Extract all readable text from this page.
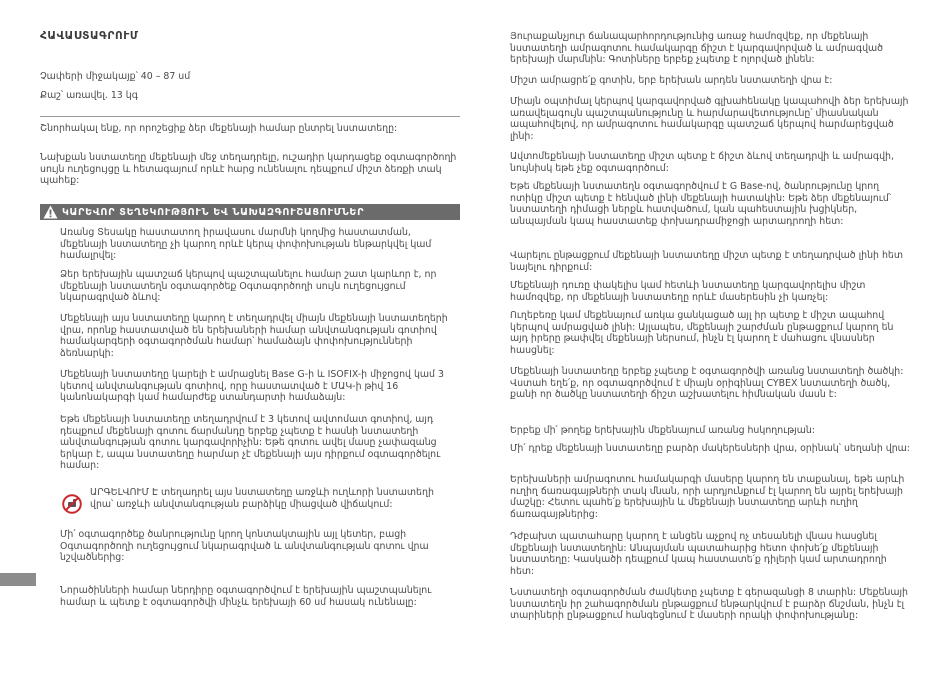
ՀԱՎԱՍՏԱԳՐՈՒՄ

Չափերի միջակայք՝ 40 – 87 սմ

Քաշ՝ առավել. 13 կգ

Շնորհակալ ենք, որ որոշեցիք ձեր մեքենայի համար ընտրել նստատեղը:

Նախքան նստատեղը մեքենայի մեջ տեղադրելը, ուշադիր կարդացեք օգտագործողի սույն ուղեցույցը և հետագայում որևէ հարց ունենալու դեպքում միշտ ձեռքի տակ պահեք:

ԿԱՐԵՎՈՐ ՏԵՂԵԿՈՒԹՅՈՒՆ ԵՎ ՆԱԽԱԶԳՈՒՇԱՑՈՒՄՆԵՐ

Առանց Տեսակը հաստատող իրավասու մարմնի կողմից հաստատման, մեքենայի նստատեղը չի կարող որևէ կերպ փոփոխության ենթարկվել կամ համալրվել:

Ձեր երեխային պատշաճ կերպով պաշտպանելու համար շատ կարևոր է, որ մեքենայի նստատեղն օգտագործեք Օգտագործողի սույն ուղեցույցում նկարագրված ձևով:

Մեքենայի այս նստատեղը կարող է տեղադրվել միայն մեքենայի նստատեղերի վրա, որոնք հաստատված են երեխաների համար անվտանգության գոտիով համակարգերի օգտագործման համար՝ համաձայն փոփոխությունների ձեռնարկի:

Մեքենայի նստատեղը կարելի է ամրացնել Base G-ի և ISOFIX-ի միջոցով կամ 3 կետով անվտանգության գոտիով, որը հաստատված է ՄԱԿ-ի թիվ 16 կանոնակարգի կամ համարժեք ստանդարտի համաձայն:

Եթե մեքենայի նստատեղը տեղադրվում է 3 կետով ավտոմատ գոտիով, այդ դեպքում մեքենայի գոտու ճարմանդը երբեք չպետք է հասնի նստատեղի անվտանգության գոտու կարգավորիչին: Եթե գոտու ավել մասը չափազանց երկար է, ապա նստատեղը հարմար չէ մեքենայի այս դիրքում օգտագործելու համար:

ԱՐԳԵԼՎՈՒՄ Է տեղադրել այս նստատեղը առջևի ուղևորի նստատեղի վրա՝ առջևի անվտանգության բարձիկը միացված վիճակում:

Մի՛ օգտագործեք ծանրությունը կրող կոնտակտային այլ կետեր, բացի Օգտագործողի ուղեցույցում նկարագրված և անվտանգության գոտու վրա նշվածներից:

Նորածինների համար ներդիրը օգտագործվում է երեխային պաշտպանելու համար և պետք է օգտագործվի մինչև երեխայի 60 սմ հասակ ունենալը:

Յուրաքանչյուր ճանապարհորդությունից առաջ համոզվեք, որ մեքենայի նստատեղի ամրագոտու համակարգը ճիշտ է կարգավորված և ամրագված երեխայի մարմնին: Գոտիները երբեք չպետք է ոլորված լինեն:

Միշտ ամրացրե՛ք գոտին, երբ երեխան արդեն նստատեղի վրա է:

Միայն օպտիմալ կերպով կարգավորված գլխահենակը կապահովի ձեր երեխայի առավելագույն պաշտպանությունը և հարմարավետությունը՝ միասնական ապահովելով, որ ամրագոտու համակարգը պատշաճ կերպով հարմարեցված լինի:

Ավտոմեքենայի նստատեղը միշտ պետք է ճիշտ ձևով տեղադրվի և ամրագվի, նույնիսկ եթե չեք օգտագործում:

Եթե մեքենայի նստատեղն օգտագործվում է G Base-ով, ծանրությունը կրող ոտիկը միշտ պետք է հենված լինի մեքենայի հատակին: Եթե ձեր մեքենայում՝ նստատեղի դիմացի ներքև հատվածում, կան պահեստային խցիկներ, անպայման կապ հաստատեք փոխադրամիջոցի արտադրողի հետ:

Վարելու ընթացքում մեքենայի նստատեղը միշտ պետք է տեղադրված լինի հետ նայելու դիրքում:

Մեքենայի դուռը փակելիս կամ հետևի նստատեղը կարգավորելիս միշտ համոզվեք, որ մեքենայի նստատեղը որևէ մասերեսին չի կառչել:

Ուղեբեռը կամ մեքենայում առկա ցանկացած այլ իր պետք է միշտ ապահով կերպով ամրացված լինի: Այլապես, մեքենայի շարժման ընթացքում կարող են այդ իրերը թափվել մեքենայի ներսում, ինչն էլ կարող է մահացու վնասներ հասցնել:

Մեքենայի նստատեղը երբեք չպետք է օգտագործվի առանց նստատեղի ծածկի: Վստահ եղե՛ք, որ օգտագործվում է միայն օրիգինալ CYBEX նստատեղի ծածկ, քանի որ ծածկը նստատեղի ճիշտ աշխատելու հիմնական մասն է:

Երբեք մի՛ թողեք երեխային մեքենայում առանց հսկողության:

Մի՛ դրեք մեքենայի նստատեղը բարձր մակերեսների վրա, օրինակ՝ սեղանի վրա:

Երեխաների ամրագոտու համակարգի մասերը կարող են տաքանալ, եթե արևի ուղիղ ճառագայթների տակ մնան, որի արդյունքում էլ կարող են այրել երեխայի մաշկը: Հետու պահե՛ք երեխային և մեքենայի նստատեղը արևի ուղիղ ճառագայթներից:

Դժբախտ պատահարը կարող է անցեն աչքով ոչ տեսանելի վնաս հասցնել մեքենայի նստատեղին: Անպայման պատահարից հետո փոխե՛ք մեքենայի նստատեղը: Կասկածի դեպքում կապ հաստատե՛ք դիլերի կամ արտադրողի հետ:

Նստատեղի օգտագործման ժամկետը չպետք է գերազանցի 8 տարին: Մեքենայի նստատեղն իր շահագործման ընթացքում ենթարկվում է բարձր ճնշման, ինչն էլ տարիների ընթացքում հանգեցնում է մասերի որակի փոփոխությանը:
